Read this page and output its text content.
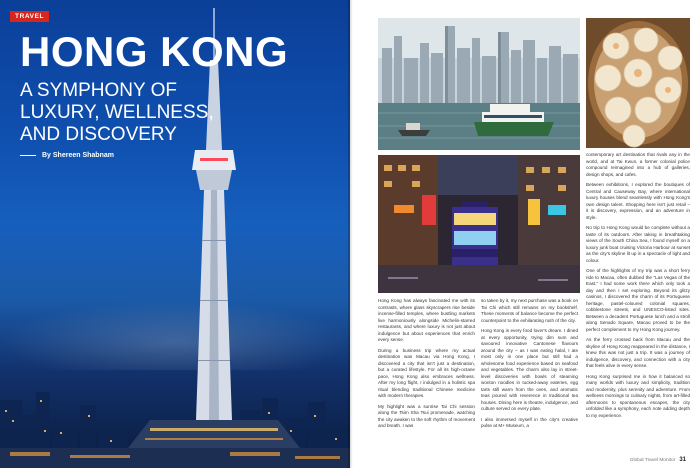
TRAVEL
HONG KONG
A SYMPHONY OF
LUXURY, WELLNESS,
AND DISCOVERY
By Shereen Shabnam

Hong Kong has always fascinated me with its contrasts, where glass skyscrapers rise beside incense-filled temples, where bustling markets live harmoniously alongside Michelin-starred restaurants, and where luxury is not just about indulgence but about experiences that enrich every sense.

During a business trip where my actual destination was Macau via Hong Kong, I discovered a city that isn't just a destination, but a curated lifestyle. For all its high-octane pace, Hong Kong also embraces wellness. After my long flight, I indulged in a holistic spa ritual blending traditional Chinese medicine with modern therapies.

My highlight was a sunrise Tai Chi session along the Tsim Sha Tsui promenade, watching the city awaken to the soft rhythm of movement and breath. I was

so taken by it, my next purchase was a book on Tai Chi which still remains on my bookshelf. These moments of balance become the perfect counterpoint to the exhilarating rush of the city.

Hong Kong is every food lover's dream. I dined at every opportunity, trying dim sum and savoured innovative Cantonese flavours around the city – as I was eating halal, I ate most only in one place but still had a wholesome food experience based on seafood and vegetables. The charm also lay in street-level discoveries with bowls of steaming wonton noodles in tucked-away eateries, egg tarts still warm from the oven, and aromatic teas poured with reverence in traditional tea houses. Dining here is theatre, indulgence, and culture served on every plate.

I also immersed myself in the city's creative pulse at M+ Museum, a

contemporary art destination that rivals any in the world, and at Tai Kwun, a former colonial police compound reimagined into a hub of galleries, design shops, and cafes.

Between exhibitions, I explored the boutiques of Central and Causeway Bay, where international luxury houses blend seamlessly with Hong Kong's own design talent. Shopping here isn't just retail – it is discovery, expression, and an adventure in style.

No trip to Hong Kong would be complete without a taste of its outdoors. After taking in breathtaking views of the South China Sea, I found myself on a luxury junk boat cruising Victoria Harbour at sunset as the city's skyline lit up in a spectacle of light and colour.

One of the highlights of my trip was a short ferry ride to Macau, often dubbed the "Las Vegas of the East." I had some work there which only took a day and then I set exploring. Beyond its glitzy casinos, I discovered the charm of its Portuguese heritage, pastel-coloured colonial squares, cobblestone streets, and UNESCO-listed sites. Between a decadent Portuguese lunch and a stroll along Senado Square, Macau proved to be the perfect complement to my Hong Kong journey.

As the ferry crossed back from Macau and the skyline of Hong Kong reappeared in the distance, I knew this was not just a trip. It was a journey of indulgence, discovery, and connection with a city that feels alive in every sense.

Hong Kong surprised me in how it balanced so many worlds with luxury and simplicity, tradition and modernity, plus serenity and adventure. From wellness mornings to culinary nights, from art-filled afternoons to spontaneous escapes, the city unfolded like a symphony, each note adding depth to my experience.

Global Travel Monitor 31
